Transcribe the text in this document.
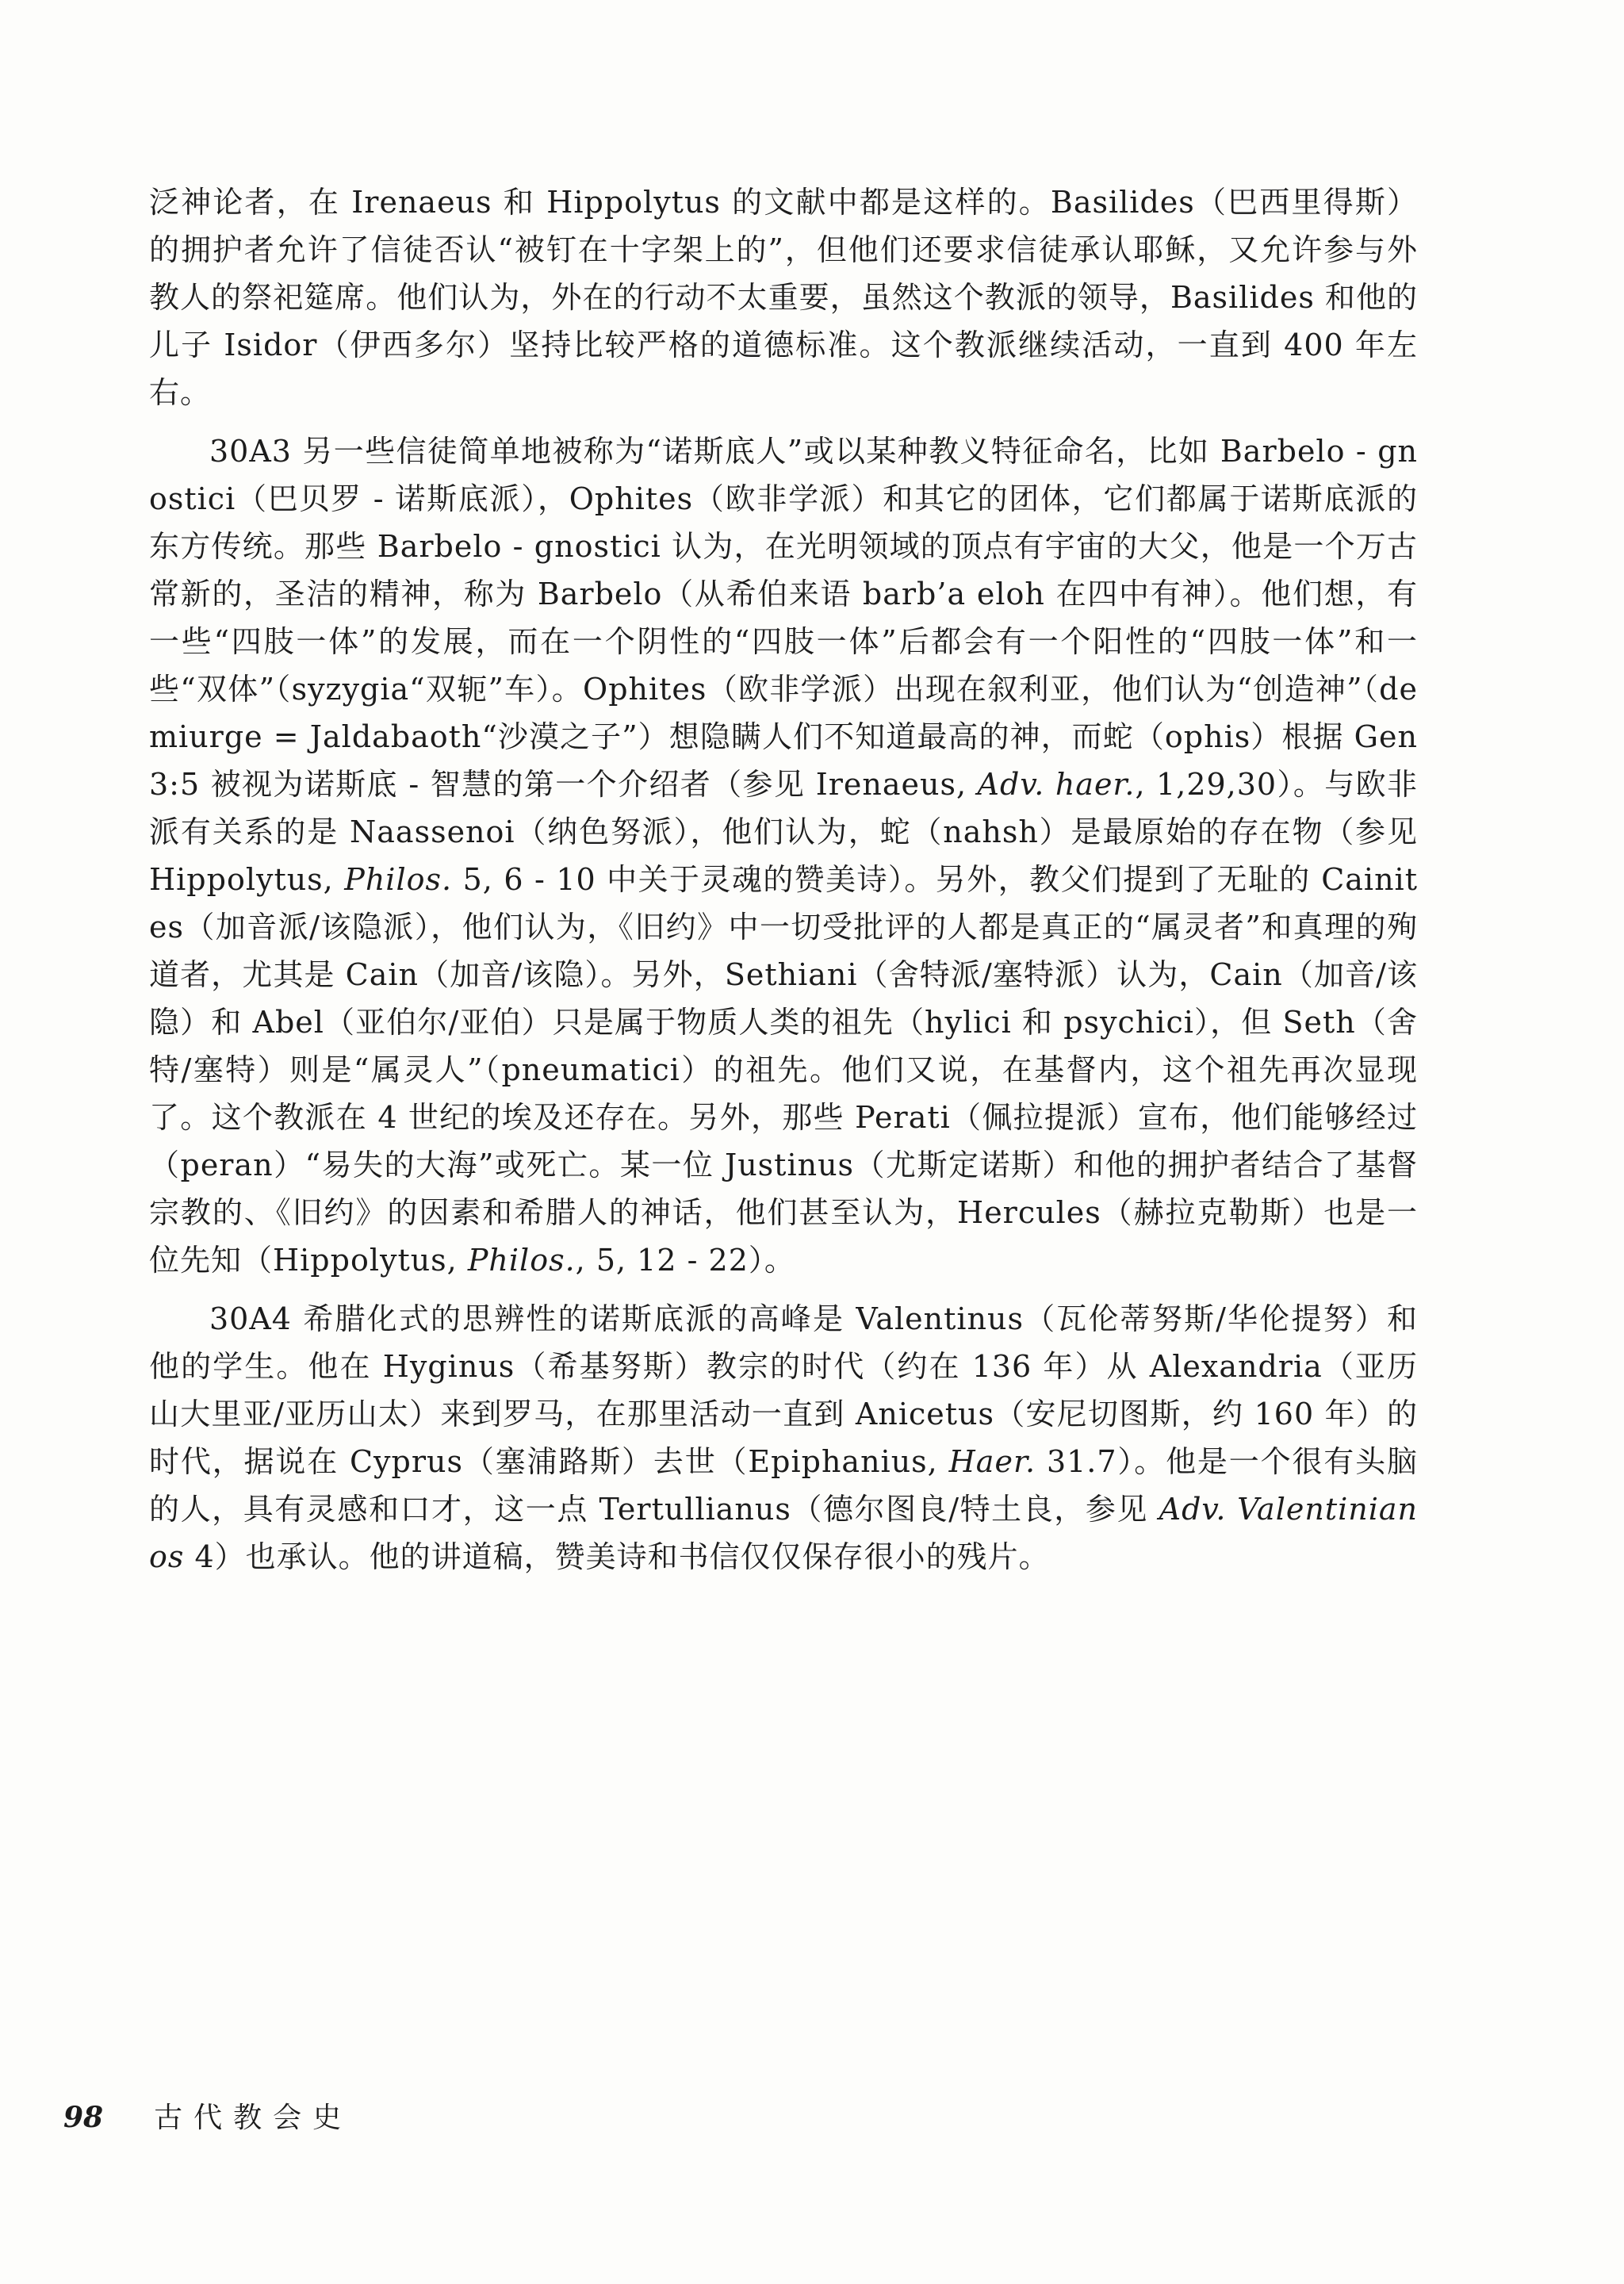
泛神论者，在 Irenaeus 和 Hippolytus 的文献中都是这样的。Basilides（巴西里得斯）的拥护者允许了信徒否认“被钉在十字架上的”，但他们还要求信徒承认耶稣，又允许参与外教人的祭祀筵席。他们认为，外在的行动不太重要，虽然这个教派的领导，Basilides 和他的儿子 Isidor（伊西多尔）坚持比较严格的道德标准。这个教派继续活动，一直到 400 年左右。

30A3 另一些信徒简单地被称为“诺斯底人”或以某种教义特征命名，比如 Barbelo - gnostici（巴贝罗 - 诺斯底派），Ophites（欧非学派）和其它的团体，它们都属于诺斯底派的东方传统。那些 Barbelo - gnostici 认为，在光明领域的顶点有宇宙的大父，他是一个万古常新的，圣洁的精神，称为 Barbelo（从希伯来语 barb’a eloh 在四中有神）。他们想，有一些“四肢一体”的发展，而在一个阴性的“四肢一体”后都会有一个阳性的“四肢一体”和一些“双体”（syzygia“双轭”车）。Ophites（欧非学派）出现在叙利亚，他们认为“创造神”（demiurge = Jaldabaoth“沙漠之子”）想隐瞒人们不知道最高的神，而蛇（ophis）根据 Gen 3:5 被视为诺斯底 - 智慧的第一个介绍者（参见 Irenaeus, Adv. haer., 1,29,30）。与欧非派有关系的是 Naassenoi（纳色努派），他们认为，蛇（nahsh）是最原始的存在物（参见 Hippolytus, Philos. 5, 6 - 10 中关于灵魂的赞美诗）。另外，教父们提到了无耻的 Cainites（加音派/该隐派），他们认为，《旧约》中一切受批评的人都是真正的“属灵者”和真理的殉道者，尤其是 Cain（加音/该隐）。另外，Sethiani（舍特派/塞特派）认为，Cain（加音/该隐）和 Abel（亚伯尔/亚伯）只是属于物质人类的祖先（hylici 和 psychici），但 Seth（舍特/塞特）则是“属灵人”（pneumatici）的祖先。他们又说，在基督内，这个祖先再次显现了。这个教派在 4 世纪的埃及还存在。另外，那些 Perati（佩拉提派）宣布，他们能够经过（peran）“易失的大海”或死亡。某一位 Justinus（尤斯定诺斯）和他的拥护者结合了基督宗教的、《旧约》的因素和希腊人的神话，他们甚至认为，Hercules（赫拉克勒斯）也是一位先知（Hippolytus, Philos., 5, 12 - 22）。

30A4 希腊化式的思辨性的诺斯底派的高峰是 Valentinus（瓦伦蒂努斯/华伦提努）和他的学生。他在 Hyginus（希基努斯）教宗的时代（约在 136 年）从 Alexandria（亚历山大里亚/亚历山太）来到罗马，在那里活动一直到 Anicetus（安尼切图斯，约 160 年）的时代，据说在 Cyprus（塞浦路斯）去世（Epiphanius, Haer. 31.7）。他是一个很有头脑的人，具有灵感和口才，这一点 Tertullianus（德尔图良/特土良，参见 Adv. Valentinianos 4）也承认。他的讲道稿，赞美诗和书信仅仅保存很小的残片。

98 古代教会史
